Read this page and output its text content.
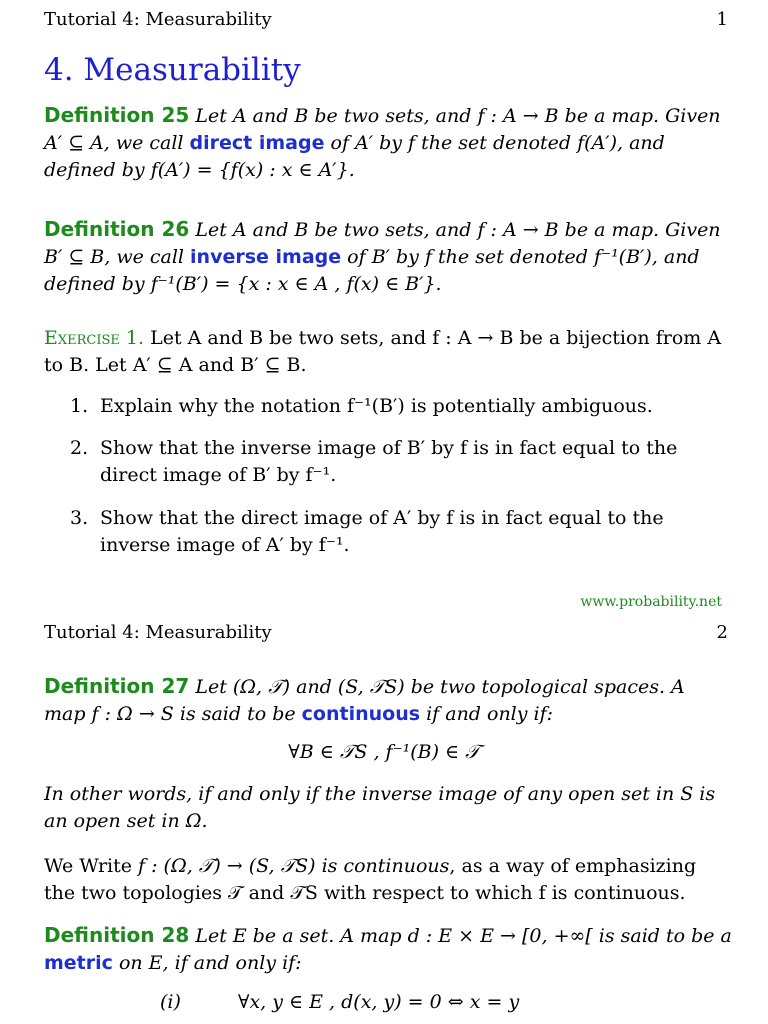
Tutorial 4: Measurability	1
4. Measurability
Definition 25 Let A and B be two sets, and f : A → B be a map. Given A′ ⊆ A, we call direct image of A′ by f the set denoted f(A′), and defined by f(A′) = {f(x) : x ∈ A′}.
Definition 26 Let A and B be two sets, and f : A → B be a map. Given B′ ⊆ B, we call inverse image of B′ by f the set denoted f⁻¹(B′), and defined by f⁻¹(B′) = {x : x ∈ A , f(x) ∈ B′}.
Exercise 1. Let A and B be two sets, and f : A → B be a bijection from A to B. Let A′ ⊆ A and B′ ⊆ B.
1. Explain why the notation f⁻¹(B′) is potentially ambiguous.
2. Show that the inverse image of B′ by f is in fact equal to the direct image of B′ by f⁻¹.
3. Show that the direct image of A′ by f is in fact equal to the inverse image of A′ by f⁻¹.
www.probability.net
Tutorial 4: Measurability	2
Definition 27 Let (Ω, 𝒯) and (S, 𝒯S) be two topological spaces. A map f : Ω → S is said to be continuous if and only if:
∀B ∈ 𝒯S , f⁻¹(B) ∈ 𝒯
In other words, if and only if the inverse image of any open set in S is an open set in Ω.
We Write f : (Ω, 𝒯) → (S, 𝒯S) is continuous, as a way of emphasizing the two topologies 𝒯 and 𝒯S with respect to which f is continuous.
Definition 28 Let E be a set. A map d : E × E → [0, +∞[ is said to be a metric on E, if and only if:
(i)	∀x, y ∈ E , d(x, y) = 0 ⇔ x = y
